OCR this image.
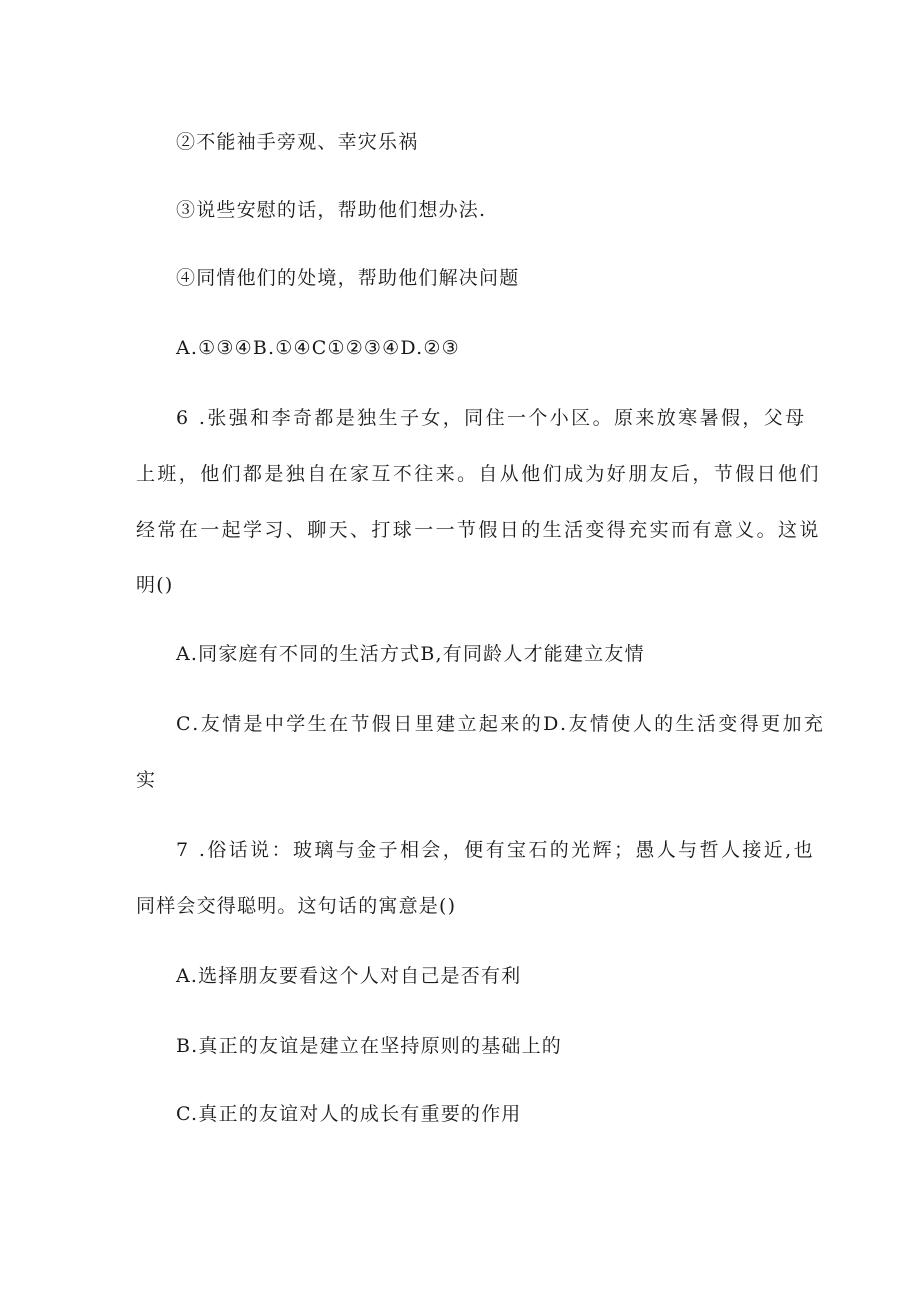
②不能袖手旁观、幸灾乐祸
③说些安慰的话，帮助他们想办法.
④同情他们的处境，帮助他们解决问题
A.①③④B.①④C①②③④D.②③
6 .张强和李奇都是独生子女，同住一个小区。原来放寒暑假，父母
上班，他们都是独自在家互不往来。自从他们成为好朋友后，节假日他们
经常在一起学习、聊天、打球一一节假日的生活变得充实而有意义。这说
明()
A.同家庭有不同的生活方式B,有同龄人才能建立友情
C.友情是中学生在节假日里建立起来的D.友情使人的生活变得更加充
实
7 .俗话说：玻璃与金子相会，便有宝石的光辉；愚人与哲人接近,也
同样会交得聪明。这句话的寓意是()
A.选择朋友要看这个人对自己是否有利
B.真正的友谊是建立在坚持原则的基础上的
C.真正的友谊对人的成长有重要的作用
